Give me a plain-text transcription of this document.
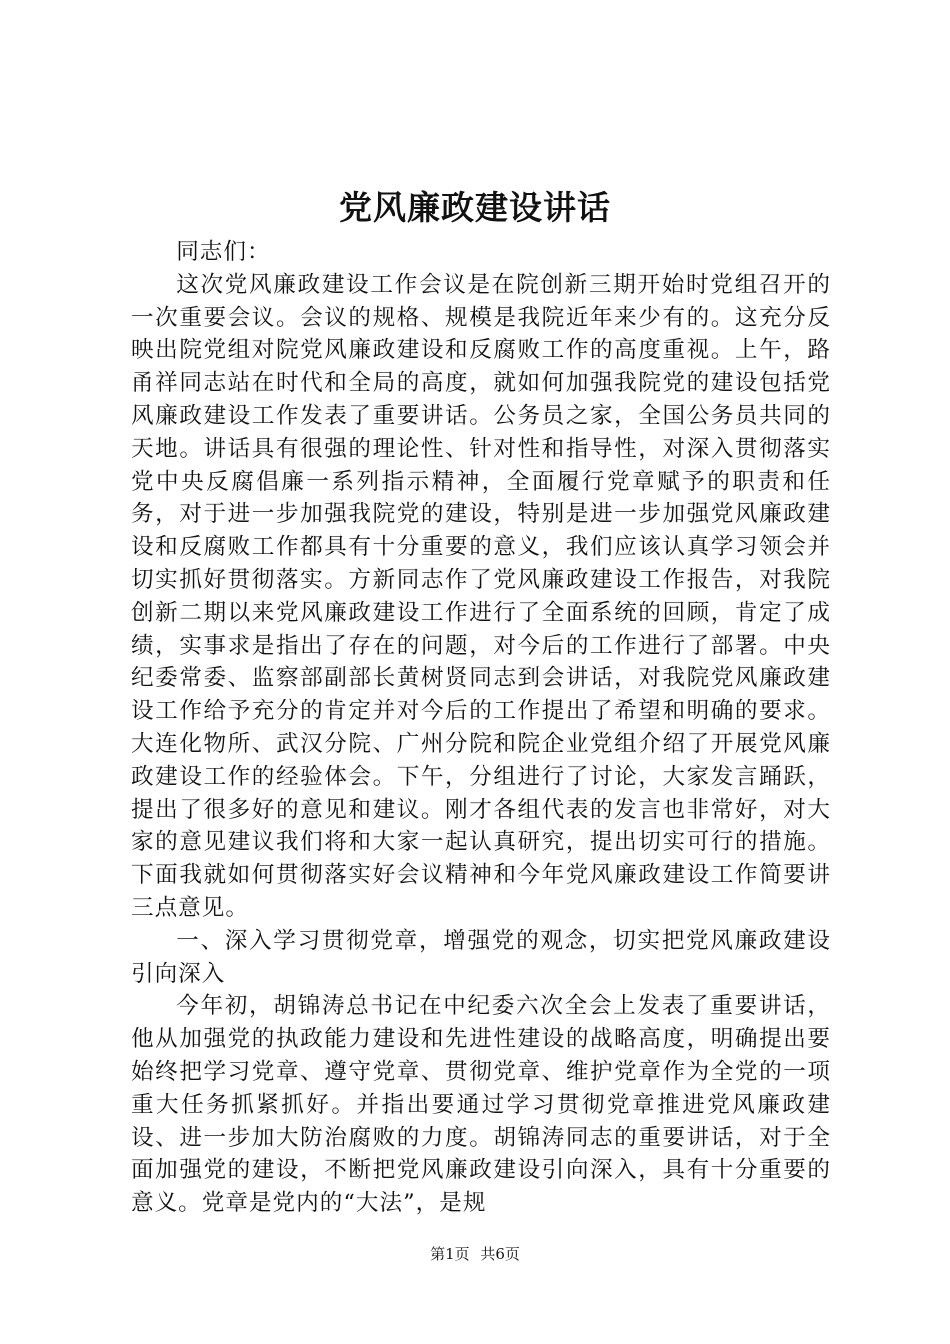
党风廉政建设讲话

同志们：

这次党风廉政建设工作会议是在院创新三期开始时党组召开的一次重要会议。会议的规格、规模是我院近年来少有的。这充分反映出院党组对院党风廉政建设和反腐败工作的高度重视。上午，路甬祥同志站在时代和全局的高度，就如何加强我院党的建设包括党风廉政建设工作发表了重要讲话。公务员之家，全国公务员共同的天地。讲话具有很强的理论性、针对性和指导性，对深入贯彻落实党中央反腐倡廉一系列指示精神，全面履行党章赋予的职责和任务，对于进一步加强我院党的建设，特别是进一步加强党风廉政建设和反腐败工作都具有十分重要的意义，我们应该认真学习领会并切实抓好贯彻落实。方新同志作了党风廉政建设工作报告，对我院创新二期以来党风廉政建设工作进行了全面系统的回顾，肯定了成绩，实事求是指出了存在的问题，对今后的工作进行了部署。中央纪委常委、监察部副部长黄树贤同志到会讲话，对我院党风廉政建设工作给予充分的肯定并对今后的工作提出了希望和明确的要求。大连化物所、武汉分院、广州分院和院企业党组介绍了开展党风廉政建设工作的经验体会。下午，分组进行了讨论，大家发言踊跃，提出了很多好的意见和建议。刚才各组代表的发言也非常好，对大家的意见建议我们将和大家一起认真研究，提出切实可行的措施。下面我就如何贯彻落实好会议精神和今年党风廉政建设工作简要讲三点意见。

一、深入学习贯彻党章，增强党的观念，切实把党风廉政建设引向深入

今年初，胡锦涛总书记在中纪委六次全会上发表了重要讲话，他从加强党的执政能力建设和先进性建设的战略高度，明确提出要始终把学习党章、遵守党章、贯彻党章、维护党章作为全党的一项重大任务抓紧抓好。并指出要通过学习贯彻党章推进党风廉政建设、进一步加大防治腐败的力度。胡锦涛同志的重要讲话，对于全面加强党的建设，不断把党风廉政建设引向深入，具有十分重要的意义。党章是党内的“大法”，是规

第1页 共6页
